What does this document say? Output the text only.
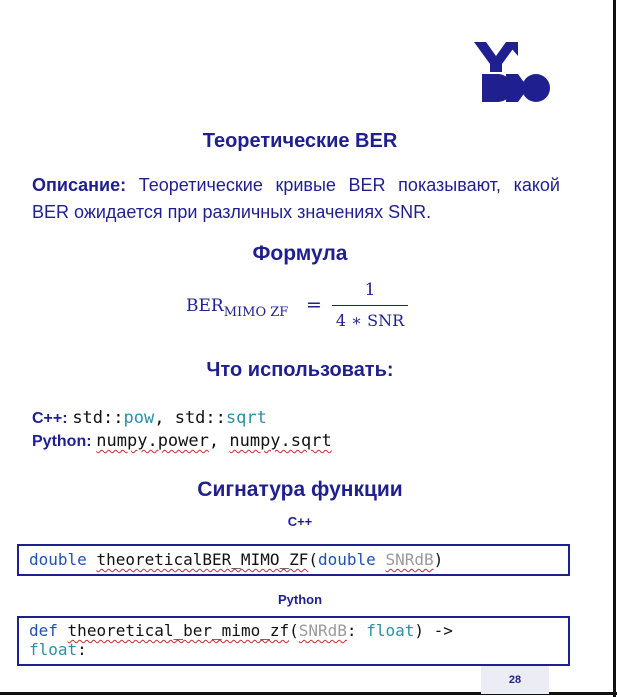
Теоретические BER
Описание: Теоретические кривые BER показывают, какой BER ожидается при различных значениях SNR.
Формула
$BER_{MIMO ZF}$ =
1
4 ∗ SNR
Что использовать:
C++: std::pow, std::sqrt
Python: numpy.power, numpy.sqrt
Сигнатура функции
C++
double theoreticalBER_MIMO_ZF(double SNRdB)
Python
def theoretical_ber_mimo_zf(SNRdB: float) ->
float:
28
